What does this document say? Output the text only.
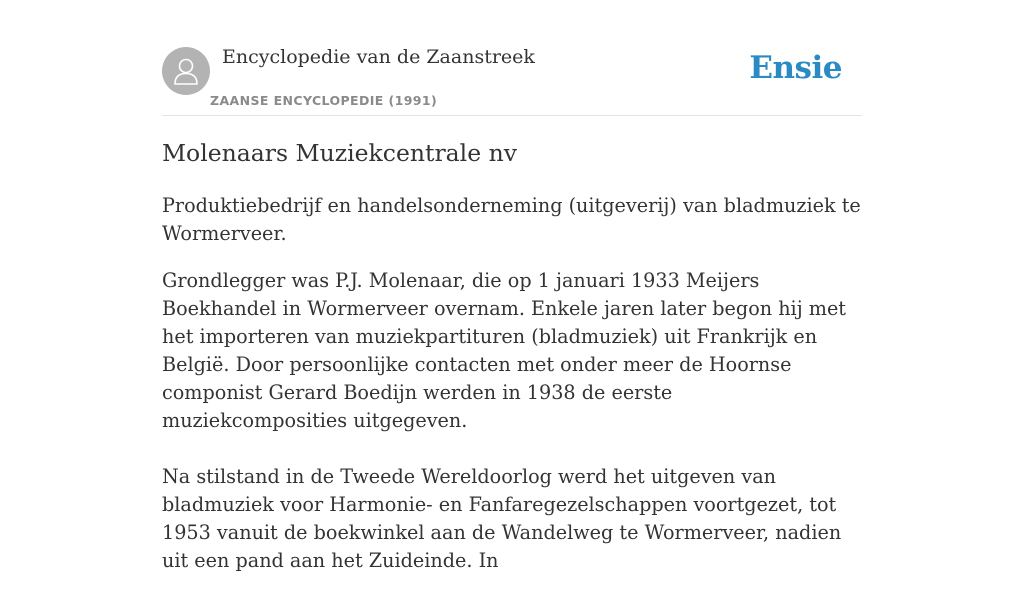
Encyclopedie van de Zaanstreek
ZAANSE ENCYCLOPEDIE (1991)
Ensie
Molenaars Muziekcentrale nv

Produktiebedrijf en handelsonderneming (uitgeverij) van bladmuziek te Wormerveer.

Grondlegger was P.J. Molenaar, die op 1 januari 1933 Meijers Boekhandel in Wormerveer overnam. Enkele jaren later begon hij met het importeren van muziekpartituren (bladmuziek) uit Frankrijk en België. Door persoonlijke contacten met onder meer de Hoornse componist Gerard Boedijn werden in 1938 de eerste muziekcomposities uitgegeven.

Na stilstand in de Tweede Wereldoorlog werd het uitgeven van bladmuziek voor Harmonie- en Fanfaregezelschappen voortgezet, tot 1953 vanuit de boekwinkel aan de Wandelweg te Wormerveer, nadien uit een pand aan het Zuideinde. In
